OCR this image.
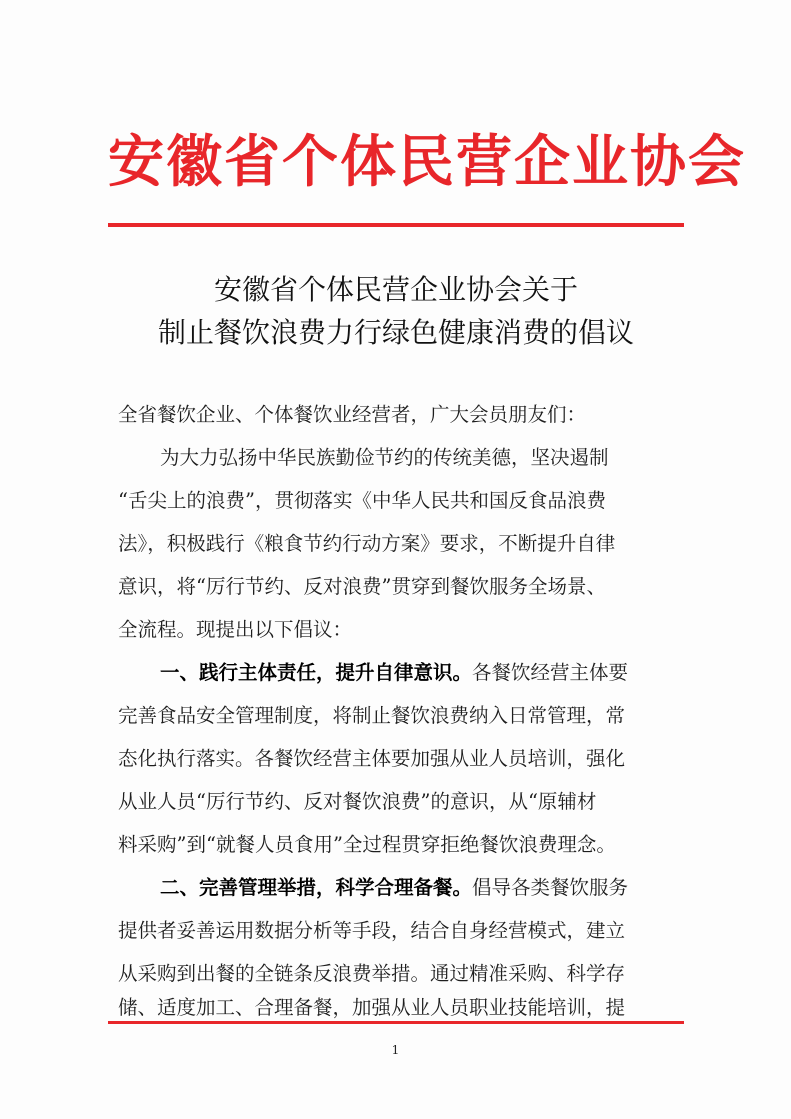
安徽省个体民营企业协会
安徽省个体民营企业协会关于
制止餐饮浪费力行绿色健康消费的倡议
全省餐饮企业、个体餐饮业经营者，广大会员朋友们：
为大力弘扬中华民族勤俭节约的传统美德，坚决遏制
“舌尖上的浪费”，贯彻落实《中华人民共和国反食品浪费
法》，积极践行《粮食节约行动方案》要求，不断提升自律
意识，将“厉行节约、反对浪费”贯穿到餐饮服务全场景、
全流程。现提出以下倡议：
一、践行主体责任，提升自律意识。各餐饮经营主体要
完善食品安全管理制度，将制止餐饮浪费纳入日常管理，常
态化执行落实。各餐饮经营主体要加强从业人员培训，强化
从业人员“厉行节约、反对餐饮浪费”的意识，从“原辅材
料采购”到“就餐人员食用”全过程贯穿拒绝餐饮浪费理念。
二、完善管理举措，科学合理备餐。倡导各类餐饮服务
提供者妥善运用数据分析等手段，结合自身经营模式，建立
从采购到出餐的全链条反浪费举措。通过精准采购、科学存
储、适度加工、合理备餐，加强从业人员职业技能培训，提
1
